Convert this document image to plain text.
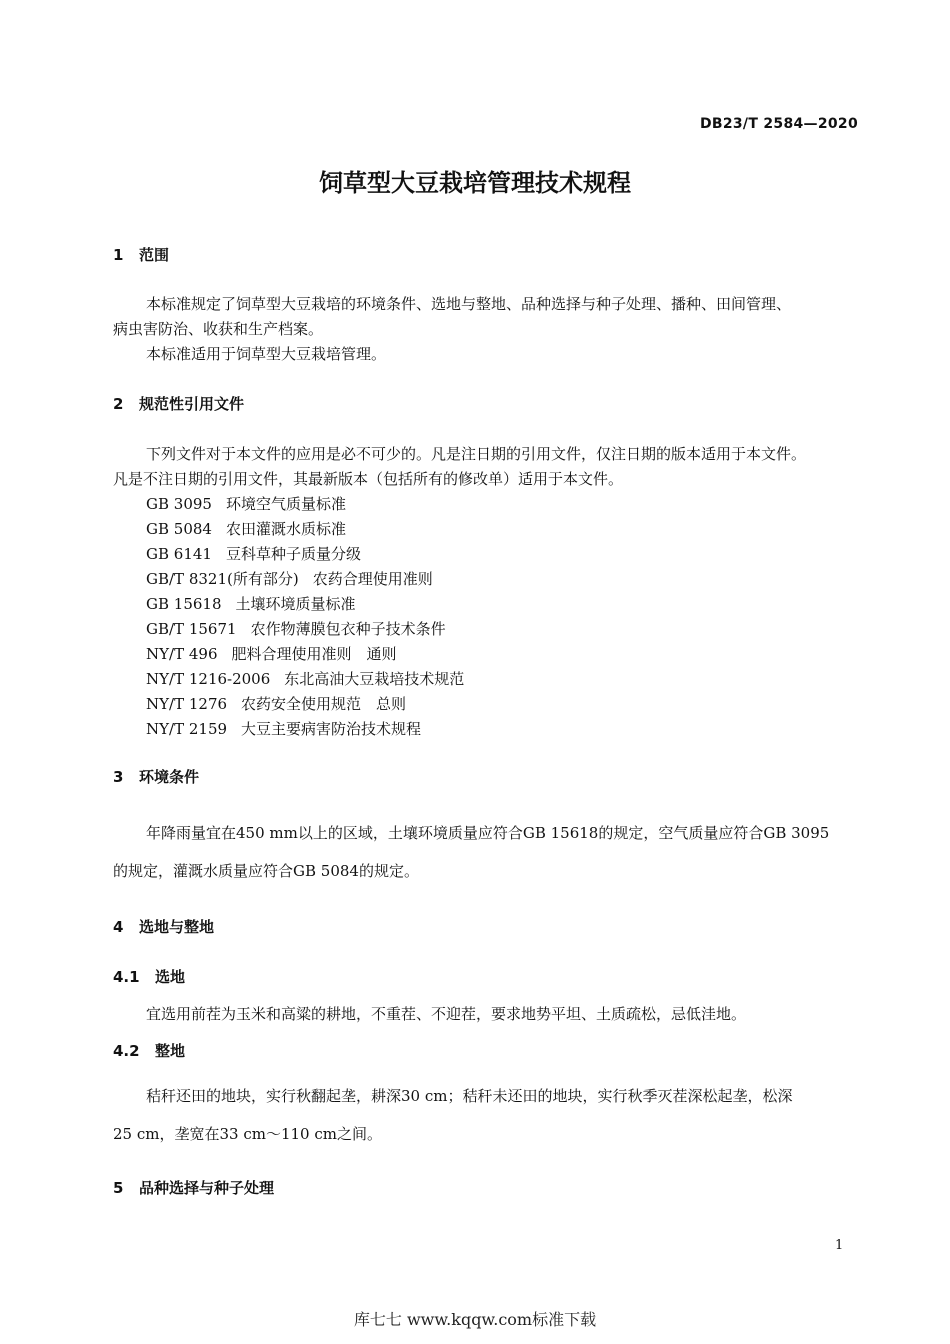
DB23/T 2584—2020
饲草型大豆栽培管理技术规程
1 范围
本标准规定了饲草型大豆栽培的环境条件、选地与整地、品种选择与种子处理、播种、田间管理、
病虫害防治、收获和生产档案。
本标准适用于饲草型大豆栽培管理。
2 规范性引用文件
下列文件对于本文件的应用是必不可少的。凡是注日期的引用文件，仅注日期的版本适用于本文件。
凡是不注日期的引用文件，其最新版本（包括所有的修改单）适用于本文件。
GB 3095 环境空气质量标准
GB 5084 农田灌溉水质标准
GB 6141 豆科草种子质量分级
GB/T 8321(所有部分) 农药合理使用准则
GB 15618 土壤环境质量标准
GB/T 15671 农作物薄膜包衣种子技术条件
NY/T 496 肥料合理使用准则　通则
NY/T 1216-2006 东北高油大豆栽培技术规范
NY/T 1276 农药安全使用规范　总则
NY/T 2159 大豆主要病害防治技术规程
3 环境条件
年降雨量宜在450 mm以上的区域，土壤环境质量应符合GB 15618的规定，空气质量应符合GB 3095
的规定，灌溉水质量应符合GB 5084的规定。
4 选地与整地
4.1 选地
宜选用前茬为玉米和高粱的耕地，不重茬、不迎茬，要求地势平坦、土质疏松，忌低洼地。
4.2 整地
秸秆还田的地块，实行秋翻起垄，耕深30 cm；秸秆未还田的地块，实行秋季灭茬深松起垄，松深
25 cm，垄宽在33 cm～110 cm之间。
5 品种选择与种子处理
1
库七七 www.kqqw.com标准下载
